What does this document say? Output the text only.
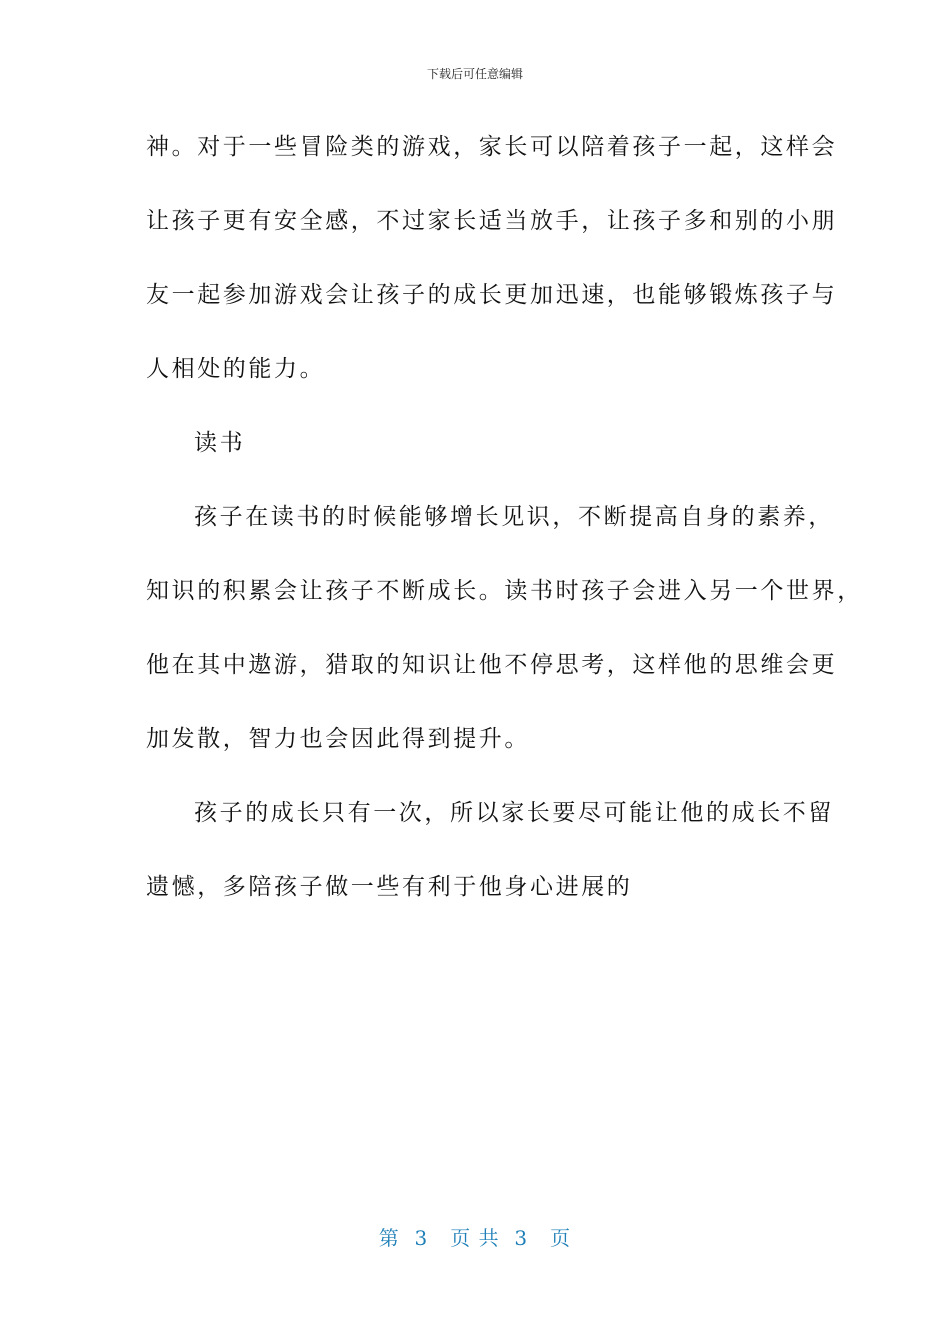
下载后可任意编辑
神。对于一些冒险类的游戏，家长可以陪着孩子一起，这样会
让孩子更有安全感，不过家长适当放手，让孩子多和别的小朋
友一起参加游戏会让孩子的成长更加迅速，也能够锻炼孩子与
人相处的能力。
读书
孩子在读书的时候能够增长见识，不断提高自身的素养，
知识的积累会让孩子不断成长。读书时孩子会进入另一个世界，
他在其中遨游，猎取的知识让他不停思考，这样他的思维会更
加发散，智力也会因此得到提升。
孩子的成长只有一次，所以家长要尽可能让他的成长不留
遗憾，多陪孩子做一些有利于他身心进展的
第  3   页 共  3   页
